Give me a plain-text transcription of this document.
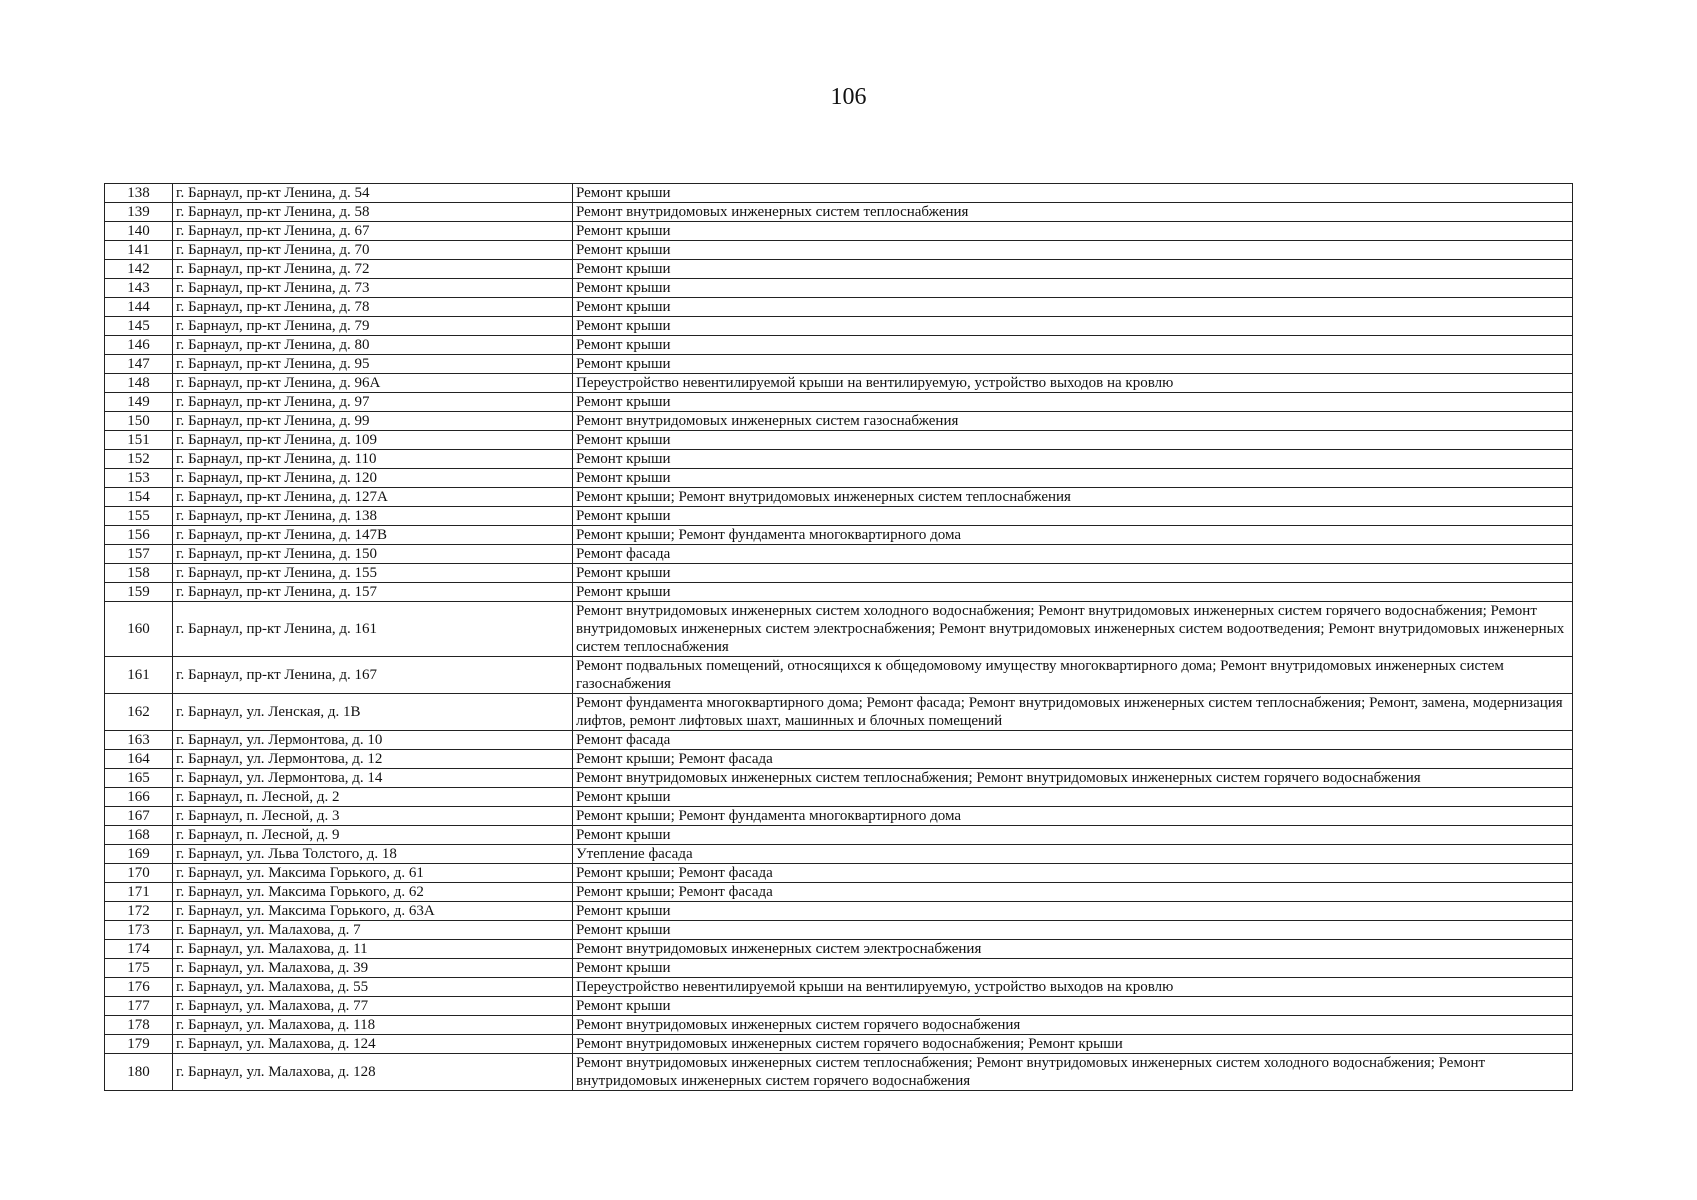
106
138	г. Барнаул, пр-кт Ленина, д. 54	Ремонт крыши
139	г. Барнаул, пр-кт Ленина, д. 58	Ремонт внутридомовых инженерных систем теплоснабжения
140	г. Барнаул, пр-кт Ленина, д. 67	Ремонт крыши
141	г. Барнаул, пр-кт Ленина, д. 70	Ремонт крыши
142	г. Барнаул, пр-кт Ленина, д. 72	Ремонт крыши
143	г. Барнаул, пр-кт Ленина, д. 73	Ремонт крыши
144	г. Барнаул, пр-кт Ленина, д. 78	Ремонт крыши
145	г. Барнаул, пр-кт Ленина, д. 79	Ремонт крыши
146	г. Барнаул, пр-кт Ленина, д. 80	Ремонт крыши
147	г. Барнаул, пр-кт Ленина, д. 95	Ремонт крыши
148	г. Барнаул, пр-кт Ленина, д. 96А	Переустройство невентилируемой крыши на вентилируемую, устройство выходов на кровлю
149	г. Барнаул, пр-кт Ленина, д. 97	Ремонт крыши
150	г. Барнаул, пр-кт Ленина, д. 99	Ремонт внутридомовых инженерных систем газоснабжения
151	г. Барнаул, пр-кт Ленина, д. 109	Ремонт крыши
152	г. Барнаул, пр-кт Ленина, д. 110	Ремонт крыши
153	г. Барнаул, пр-кт Ленина, д. 120	Ремонт крыши
154	г. Барнаул, пр-кт Ленина, д. 127А	Ремонт крыши; Ремонт внутридомовых инженерных систем теплоснабжения
155	г. Барнаул, пр-кт Ленина, д. 138	Ремонт крыши
156	г. Барнаул, пр-кт Ленина, д. 147В	Ремонт крыши; Ремонт фундамента многоквартирного дома
157	г. Барнаул, пр-кт Ленина, д. 150	Ремонт фасада
158	г. Барнаул, пр-кт Ленина, д. 155	Ремонт крыши
159	г. Барнаул, пр-кт Ленина, д. 157	Ремонт крыши
160	г. Барнаул, пр-кт Ленина, д. 161	Ремонт внутридомовых инженерных систем холодного водоснабжения; Ремонт внутридомовых инженерных систем горячего водоснабжения; Ремонт внутридомовых инженерных систем электроснабжения; Ремонт внутридомовых инженерных систем водоотведения; Ремонт внутридомовых инженерных систем теплоснабжения
161	г. Барнаул, пр-кт Ленина, д. 167	Ремонт подвальных помещений, относящихся к общедомовому имуществу многоквартирного дома; Ремонт внутридомовых инженерных систем газоснабжения
162	г. Барнаул, ул. Ленская, д. 1В	Ремонт фундамента многоквартирного дома; Ремонт фасада; Ремонт внутридомовых инженерных систем теплоснабжения; Ремонт, замена, модернизация лифтов, ремонт лифтовых шахт, машинных и блочных помещений
163	г. Барнаул, ул. Лермонтова, д. 10	Ремонт фасада
164	г. Барнаул, ул. Лермонтова, д. 12	Ремонт крыши; Ремонт фасада
165	г. Барнаул, ул. Лермонтова, д. 14	Ремонт внутридомовых инженерных систем теплоснабжения; Ремонт внутридомовых инженерных систем горячего водоснабжения
166	г. Барнаул, п. Лесной, д. 2	Ремонт крыши
167	г. Барнаул, п. Лесной, д. 3	Ремонт крыши; Ремонт фундамента многоквартирного дома
168	г. Барнаул, п. Лесной, д. 9	Ремонт крыши
169	г. Барнаул, ул. Льва Толстого, д. 18	Утепление фасада
170	г. Барнаул, ул. Максима Горького, д. 61	Ремонт крыши; Ремонт фасада
171	г. Барнаул, ул. Максима Горького, д. 62	Ремонт крыши; Ремонт фасада
172	г. Барнаул, ул. Максима Горького, д. 63А	Ремонт крыши
173	г. Барнаул, ул. Малахова, д. 7	Ремонт крыши
174	г. Барнаул, ул. Малахова, д. 11	Ремонт внутридомовых инженерных систем электроснабжения
175	г. Барнаул, ул. Малахова, д. 39	Ремонт крыши
176	г. Барнаул, ул. Малахова, д. 55	Переустройство невентилируемой крыши на вентилируемую, устройство выходов на кровлю
177	г. Барнаул, ул. Малахова, д. 77	Ремонт крыши
178	г. Барнаул, ул. Малахова, д. 118	Ремонт внутридомовых инженерных систем горячего водоснабжения
179	г. Барнаул, ул. Малахова, д. 124	Ремонт внутридомовых инженерных систем горячего водоснабжения; Ремонт крыши
180	г. Барнаул, ул. Малахова, д. 128	Ремонт внутридомовых инженерных систем теплоснабжения; Ремонт внутридомовых инженерных систем холодного водоснабжения; Ремонт внутридомовых инженерных систем горячего водоснабжения
